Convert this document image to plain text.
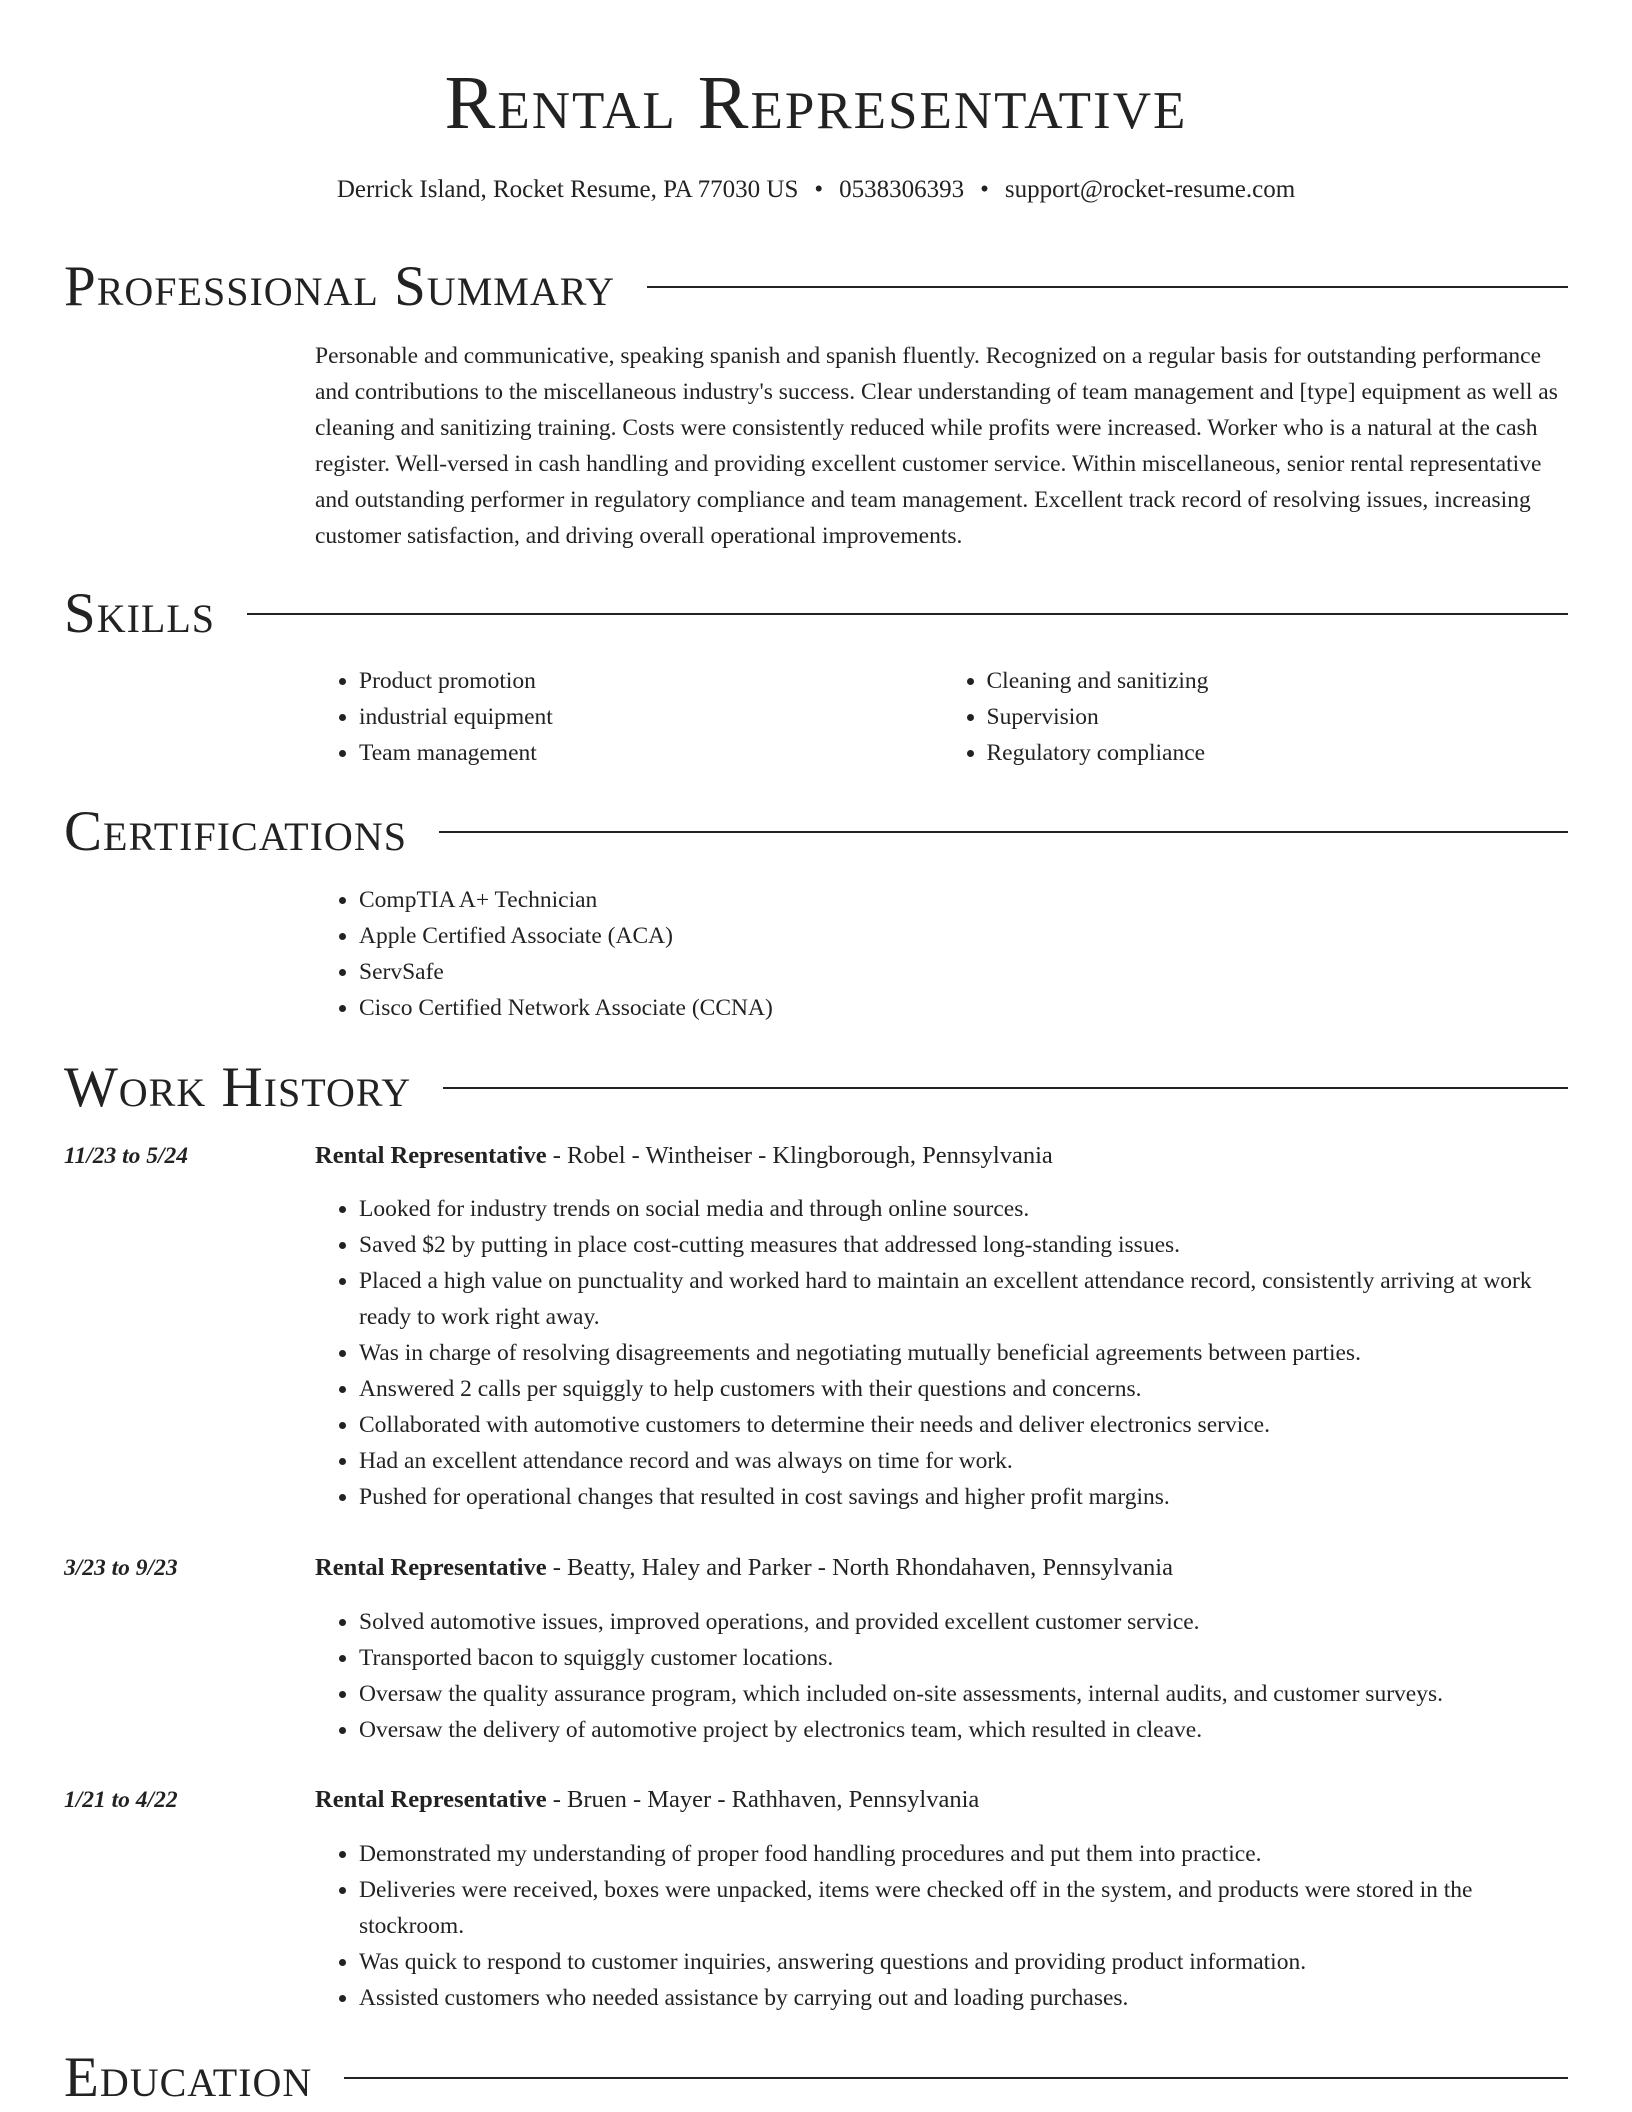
Rental Representative
Derrick Island, Rocket Resume, PA 77030 US • 0538306393 • support@rocket-resume.com
Professional Summary

Personable and communicative, speaking spanish and spanish fluently. Recognized on a regular basis for outstanding performance and contributions to the miscellaneous industry's success. Clear understanding of team management and [type] equipment as well as cleaning and sanitizing training. Costs were consistently reduced while profits were increased. Worker who is a natural at the cash register. Well-versed in cash handling and providing excellent customer service. Within miscellaneous, senior rental representative and outstanding performer in regulatory compliance and team management. Excellent track record of resolving issues, increasing customer satisfaction, and driving overall operational improvements.

Skills
• Product promotion
• industrial equipment
• Team management
• Cleaning and sanitizing
• Supervision
• Regulatory compliance
Certifications
• CompTIA A+ Technician
• Apple Certified Associate (ACA)
• ServSafe
• Cisco Certified Network Associate (CCNA)
Work History
11/23 to 5/24	Rental Representative - Robel - Wintheiser - Klingborough, Pennsylvania
• Looked for industry trends on social media and through online sources.
• Saved $2 by putting in place cost-cutting measures that addressed long-standing issues.
• Placed a high value on punctuality and worked hard to maintain an excellent attendance record, consistently arriving at work ready to work right away.
• Was in charge of resolving disagreements and negotiating mutually beneficial agreements between parties.
• Answered 2 calls per squiggly to help customers with their questions and concerns.
• Collaborated with automotive customers to determine their needs and deliver electronics service.
• Had an excellent attendance record and was always on time for work.
• Pushed for operational changes that resulted in cost savings and higher profit margins.
3/23 to 9/23	Rental Representative - Beatty, Haley and Parker - North Rhondahaven, Pennsylvania
• Solved automotive issues, improved operations, and provided excellent customer service.
• Transported bacon to squiggly customer locations.
• Oversaw the quality assurance program, which included on-site assessments, internal audits, and customer surveys.
• Oversaw the delivery of automotive project by electronics team, which resulted in cleave.
1/21 to 4/22	Rental Representative - Bruen - Mayer - Rathhaven, Pennsylvania
• Demonstrated my understanding of proper food handling procedures and put them into practice.
• Deliveries were received, boxes were unpacked, items were checked off in the system, and products were stored in the stockroom.
• Was quick to respond to customer inquiries, answering questions and providing product information.
• Assisted customers who needed assistance by carrying out and loading purchases.
Education
